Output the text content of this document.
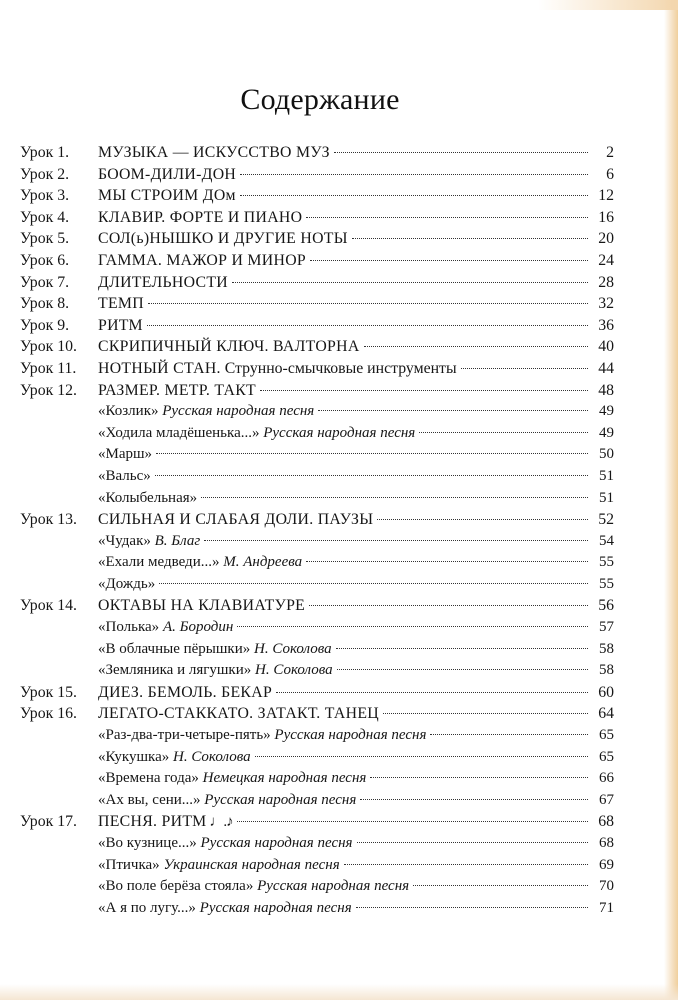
Содержание
Урок 1.	МУЗЫКА — ИСКУССТВО МУЗ	2
Урок 2.	БООМ-ДИЛИ-ДОН	6
Урок 3.	МЫ СТРОИМ ДОм	12
Урок 4.	КЛАВИР. ФОРТЕ И ПИАНО	16
Урок 5.	СОЛ(ь)НЫШКО И ДРУГИЕ НОТЫ	20
Урок 6.	ГАММА. МАЖОР И МИНОР	24
Урок 7.	ДЛИТЕЛЬНОСТИ	28
Урок 8.	ТЕМП	32
Урок 9.	РИТМ	36
Урок 10.	СКРИПИЧНЫЙ КЛЮЧ. ВАЛТОРНА	40
Урок 11.	НОТНЫЙ СТАН. Струнно-смычковые инструменты	44
Урок 12.	РАЗМЕР. МЕТР. ТАКТ	48
«Козлик» Русская народная песня	49
«Ходила младёшенька...» Русская народная песня	49
«Марш»	50
«Вальс»	51
«Колыбельная»	51
Урок 13.	СИЛЬНАЯ И СЛАБАЯ ДОЛИ. ПАУЗЫ	52
«Чудак» В. Благ	54
«Ехали медведи...» М. Андреева	55
«Дождь»	55
Урок 14.	ОКТАВЫ НА КЛАВИАТУРЕ	56
«Полька» А. Бородин	57
«В облачные пёрышки» Н. Соколова	58
«Земляника и лягушки» Н. Соколова	58
Урок 15.	ДИЕЗ. БЕМОЛЬ. БЕКАР	60
Урок 16.	ЛЕГАТО-СТАККАТО. ЗАТАКТ. ТАНЕЦ	64
«Раз-два-три-четыре-пять» Русская народная песня	65
«Кукушка» Н. Соколова	65
«Времена года» Немецкая народная песня	66
«Ах вы, сени...» Русская народная песня	67
Урок 17.	ПЕСНЯ. РИТМ ♩.♪	68
«Во кузнице...» Русская народная песня	68
«Птичка» Украинская народная песня	69
«Во поле берёза стояла» Русская народная песня	70
«А я по лугу...» Русская народная песня	71
